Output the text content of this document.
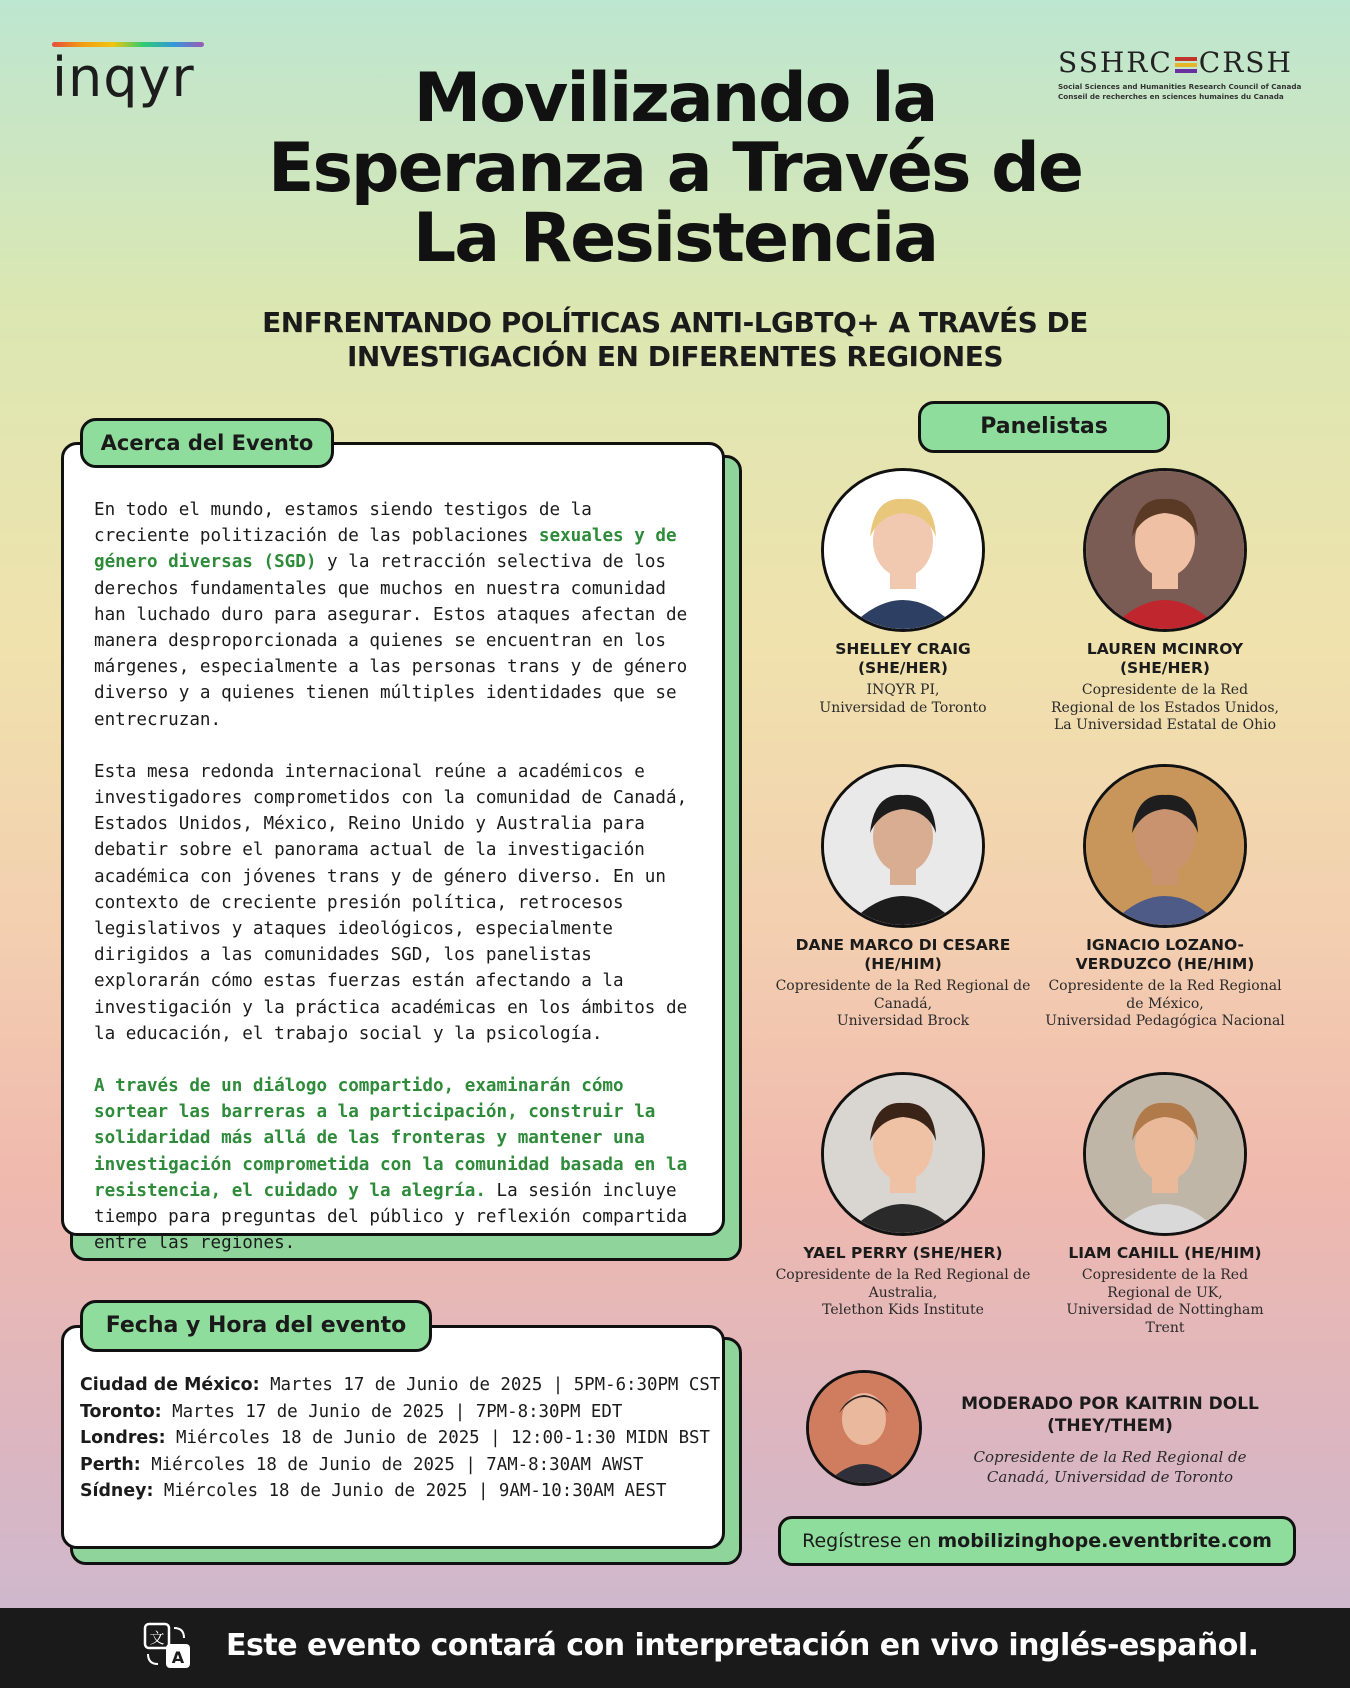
inqyr	SSHRC CRSH
Social Sciences and Humanities Research Council of Canada
Conseil de recherches en sciences humaines du Canada
Movilizando la
Esperanza a Través de
La Resistencia
ENFRENTANDO POLÍTICAS ANTI-LGBTQ+ A TRAVÉS DE
INVESTIGACIÓN EN DIFERENTES REGIONES
Acerca del Evento

En todo el mundo, estamos siendo testigos de la creciente politización de las poblaciones sexuales y de género diversas (SGD) y la retracción selectiva de los derechos fundamentales que muchos en nuestra comunidad han luchado duro para asegurar. Estos ataques afectan de manera desproporcionada a quienes se encuentran en los márgenes, especialmente a las personas trans y de género diverso y a quienes tienen múltiples identidades que se entrecruzan.

Esta mesa redonda internacional reúne a académicos e investigadores comprometidos con la comunidad de Canadá, Estados Unidos, México, Reino Unido y Australia para debatir sobre el panorama actual de la investigación académica con jóvenes trans y de género diverso. En un contexto de creciente presión política, retrocesos legislativos y ataques ideológicos, especialmente dirigidos a las comunidades SGD, los panelistas explorarán cómo estas fuerzas están afectando a la investigación y la práctica académicas en los ámbitos de la educación, el trabajo social y la psicología.

A través de un diálogo compartido, examinarán cómo sortear las barreras a la participación, construir la solidaridad más allá de las fronteras y mantener una investigación comprometida con la comunidad basada en la resistencia, el cuidado y la alegría. La sesión incluye tiempo para preguntas del público y reflexión compartida entre las regiones.

Fecha y Hora del evento
Ciudad de México: Martes 17 de Junio de 2025 | 5PM-6:30PM CST
Toronto: Martes 17 de Junio de 2025 | 7PM-8:30PM EDT
Londres: Miércoles 18 de Junio de 2025 | 12:00-1:30 MIDN BST
Perth: Miércoles 18 de Junio de 2025 | 7AM-8:30AM AWST
Sídney: Miércoles 18 de Junio de 2025 | 9AM-10:30AM AEST
Panelistas
SHELLEY CRAIG
(SHE/HER)
INQYR PI,
Universidad de Toronto
LAUREN MCINROY
(SHE/HER)
Copresidente de la Red
Regional de los Estados Unidos,
La Universidad Estatal de Ohio
DANE MARCO DI CESARE
(HE/HIM)
Copresidente de la Red Regional de
Canadá,
Universidad Brock
IGNACIO LOZANO-
VERDUZCO (HE/HIM)
Copresidente de la Red Regional
de México,
Universidad Pedagógica Nacional
YAEL PERRY (SHE/HER)
Copresidente de la Red Regional de
Australia,
Telethon Kids Institute
LIAM CAHILL (HE/HIM)
Copresidente de la Red
Regional de UK,
Universidad de Nottingham
Trent
MODERADO POR KAITRIN DOLL
(THEY/THEM)
Copresidente de la Red Regional de
Canadá, Universidad de Toronto
Regístrese en mobilizinghope.eventbrite.com
文
A Este evento contará con interpretación en vivo inglés-español.
